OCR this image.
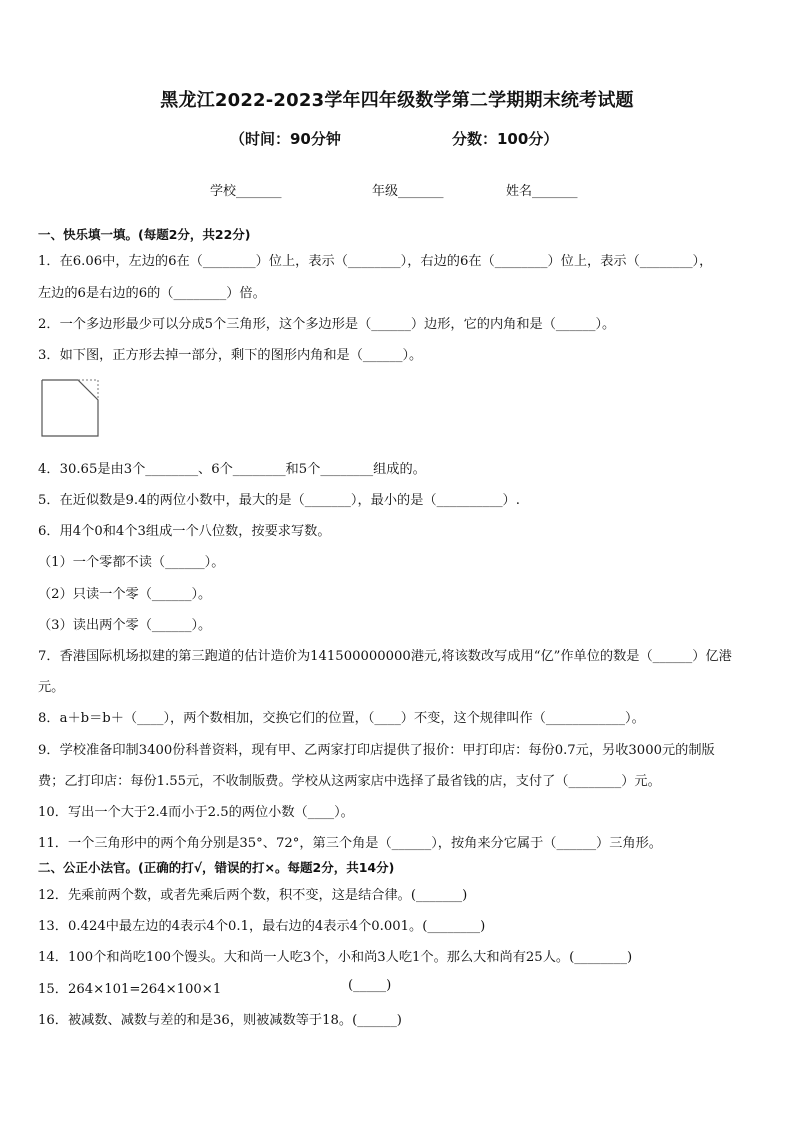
黑龙江2022-2023学年四年级数学第二学期期末统考试题
（时间：90分钟	分数：100分）
学校_______	年级_______	姓名_______
一、快乐填一填。(每题2分，共22分)
1．在6.06中，左边的6在（________）位上，表示（________），右边的6在（________）位上，表示（________），
左边的6是右边的6的（________）倍。
2．一个多边形最少可以分成5个三角形，这个多边形是（______）边形，它的内角和是（______）。
3．如下图，正方形去掉一部分，剩下的图形内角和是（______）。
4．30.65是由3个________、6个________和5个________组成的。
5．在近似数是9.4的两位小数中，最大的是（_______），最小的是（__________）.
6．用4个0和4个3组成一个八位数，按要求写数。
（1）一个零都不读（______）。
（2）只读一个零（______）。
（3）读出两个零（______）。
7．香港国际机场拟建的第三跑道的估计造价为141500000000港元,将该数改写成用“亿”作单位的数是（______）亿港
元。
8．a＋b＝b＋（____），两个数相加，交换它们的位置，（____）不变，这个规律叫作（____________）。
9．学校准备印制3400份科普资料，现有甲、乙两家打印店提供了报价：甲打印店：每份0.7元，另收3000元的制版
费；乙打印店：每份1.55元，不收制版费。学校从这两家店中选择了最省钱的店，支付了（________）元。
10．写出一个大于2.4而小于2.5的两位小数（____）。
11．一个三角形中的两个角分别是35°、72°，第三个角是（______），按角来分它属于（______）三角形。
二、公正小法官。(正确的打√，错误的打×。每题2分，共14分)
12．先乘前两个数，或者先乘后两个数，积不变，这是结合律。(_______)
13．0.424中最左边的4表示4个0.1，最右边的4表示4个0.001。(________)
14．100个和尚吃100个馒头。大和尚一人吃3个，小和尚3人吃1个。那么大和尚有25人。(________)
15．264×101=264×100×1	(_____)
16．被减数、减数与差的和是36，则被减数等于18。(______)
